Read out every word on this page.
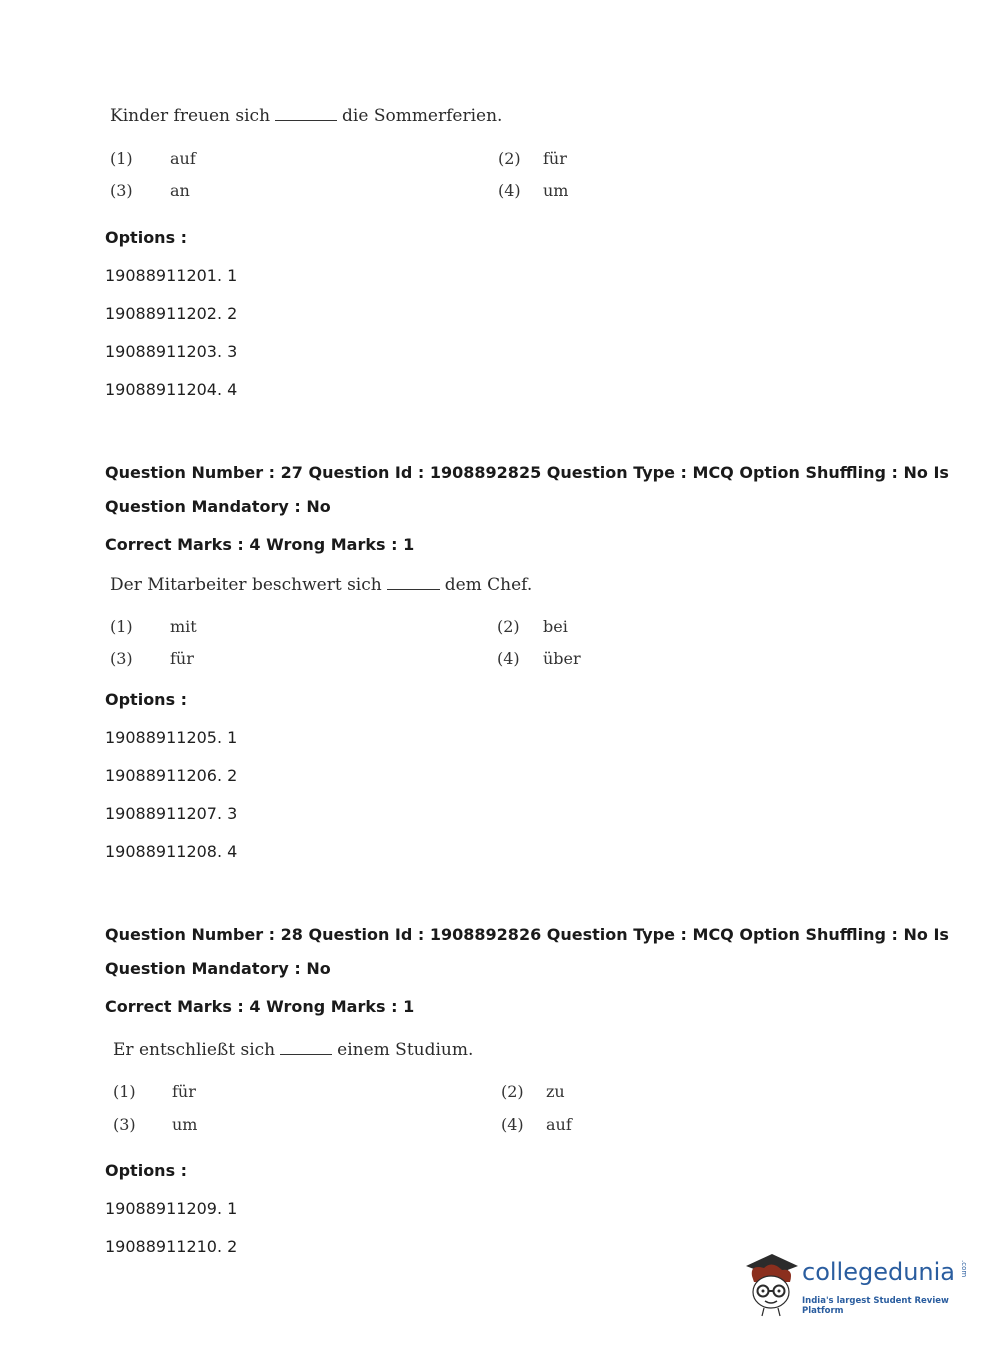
Kinder freuen sich	die Sommerferien.
(1) auf	(2) für
(3) an	(4) um
Options :
19088911201. 1
19088911202. 2
19088911203. 3
19088911204. 4
Question Number : 27 Question Id : 1908892825 Question Type : MCQ Option Shuffling : No Is
Question Mandatory : No
Correct Marks : 4 Wrong Marks : 1
Der Mitarbeiter beschwert sich	dem Chef.
(1) mit	(2) bei
(3) für	(4) über
Options :
19088911205. 1
19088911206. 2
19088911207. 3
19088911208. 4
Question Number : 28 Question Id : 1908892826 Question Type : MCQ Option Shuffling : No Is
Question Mandatory : No
Correct Marks : 4 Wrong Marks : 1
Er entschließt sich	einem Studium.
(1) für	(2) zu
(3) um	(4) auf
Options :
19088911209. 1
19088911210. 2
collegedunia .com
India's largest Student Review Platform
